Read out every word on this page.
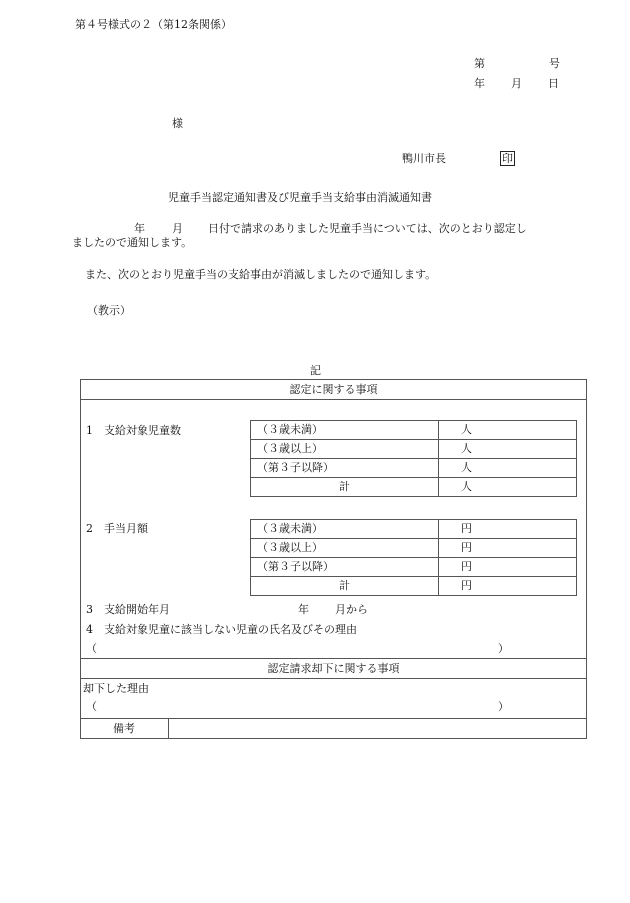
第４号様式の２（第12条関係）
第	号
年 月 日
様
鴨川市長	印
児童手当認定通知書及び児童手当支給事由消滅通知書
年 月 日付で請求のありました児童手当については、次のとおり認定し
ましたので通知します。
また、次のとおり児童手当の支給事由が消滅しましたので通知します。
（教示）
記
認定に関する事項
1　支給対象児童数	（３歳未満）	人
（３歳以上）	人
（第３子以降）	人
計	人
2　手当月額	（３歳未満）	円
（３歳以上）	円
（第３子以降）	円
計	円
3　支給開始年月	年 月から
4　支給対象児童に該当しない児童の氏名及びその理由
（	）
認定請求却下に関する事項
却下した理由
（	）
備考
